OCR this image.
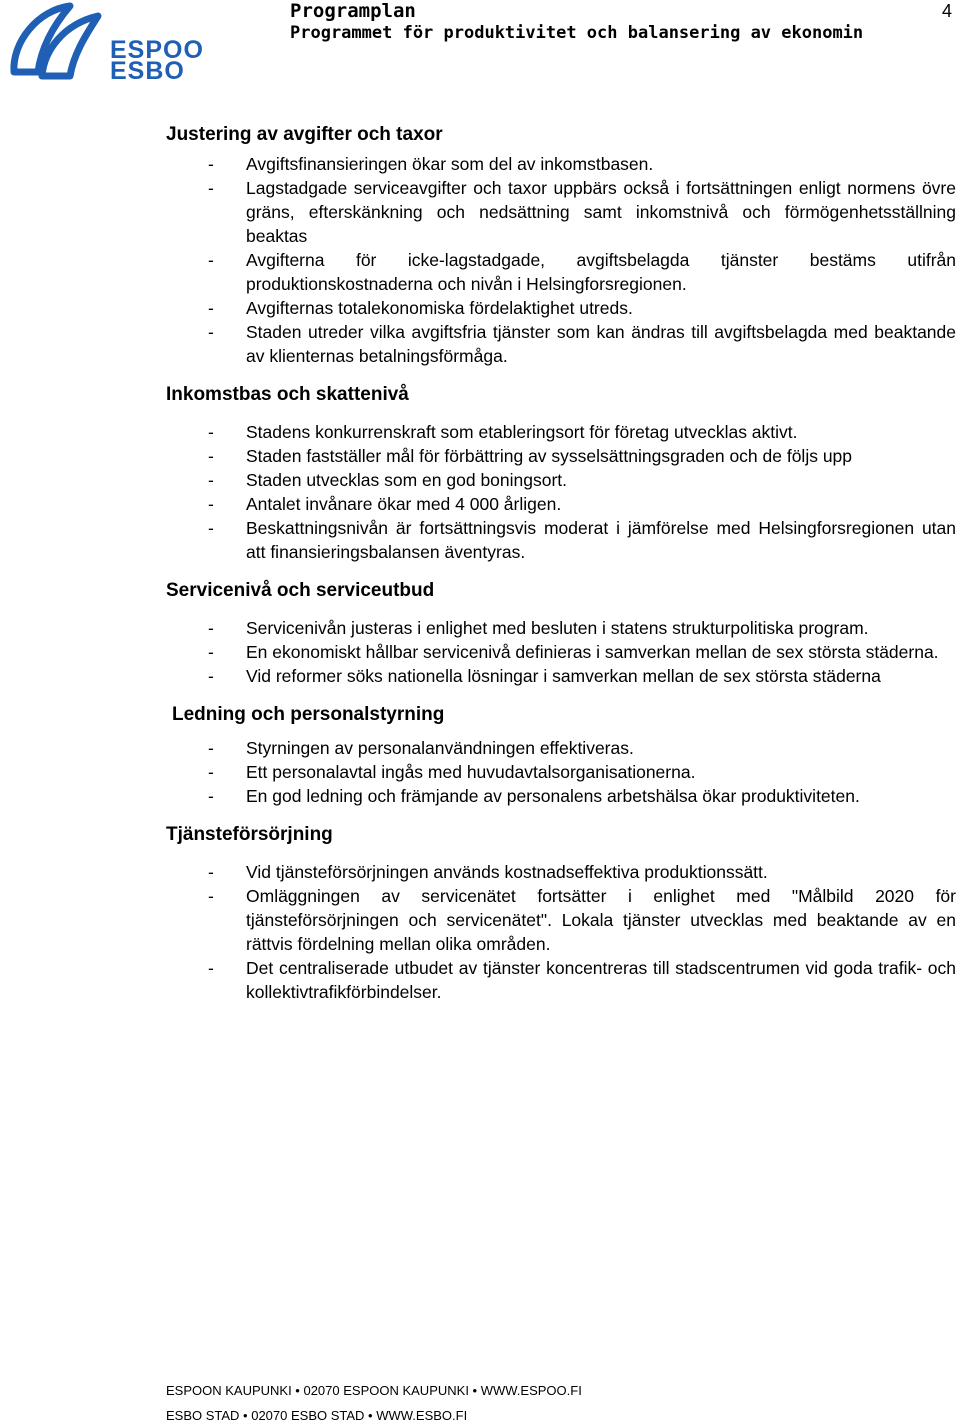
ESPOO
ESBO
Programplan
Programmet för produktivitet och balansering av ekonomin
4
Justering av avgifter och taxor
- Avgiftsfinansieringen ökar som del av inkomstbasen.
- Lagstadgade serviceavgifter och taxor uppbärs också i fortsättningen enligt normens övre gräns, efterskänkning och nedsättning samt inkomstnivå och förmögenhetsställning beaktas
- Avgifterna för icke-lagstadgade, avgiftsbelagda tjänster bestäms utifrån produktionskostnaderna och nivån i Helsingforsregionen.
- Avgifternas totalekonomiska fördelaktighet utreds.
- Staden utreder vilka avgiftsfria tjänster som kan ändras till avgiftsbelagda med beaktande av klienternas betalningsförmåga.
Inkomstbas och skattenivå
- Stadens konkurrenskraft som etableringsort för företag utvecklas aktivt.
- Staden fastställer mål för förbättring av sysselsättningsgraden och de följs upp
- Staden utvecklas som en god boningsort.
- Antalet invånare ökar med 4 000 årligen.
- Beskattningsnivån är fortsättningsvis moderat i jämförelse med Helsingforsregionen utan att finansieringsbalansen äventyras.
Servicenivå och serviceutbud
- Servicenivån justeras i enlighet med besluten i statens strukturpolitiska program.
- En ekonomiskt hållbar servicenivå definieras i samverkan mellan de sex största städerna.
- Vid reformer söks nationella lösningar i samverkan mellan de sex största städerna
Ledning och personalstyrning
- Styrningen av personalanvändningen effektiveras.
- Ett personalavtal ingås med huvudavtalsorganisationerna.
- En god ledning och främjande av personalens arbetshälsa ökar produktiviteten.
Tjänsteförsörjning
- Vid tjänsteförsörjningen används kostnadseffektiva produktionssätt.
- Omläggningen av servicenätet fortsätter i enlighet med "Målbild 2020 för tjänsteförsörjningen och servicenätet". Lokala tjänster utvecklas med beaktande av en rättvis fördelning mellan olika områden.
- Det centraliserade utbudet av tjänster koncentreras till stadscentrumen vid goda trafik- och kollektivtrafikförbindelser.
ESPOON KAUPUNKI • 02070 ESPOON KAUPUNKI • WWW.ESPOO.FI
ESBO STAD • 02070 ESBO STAD • WWW.ESBO.FI
